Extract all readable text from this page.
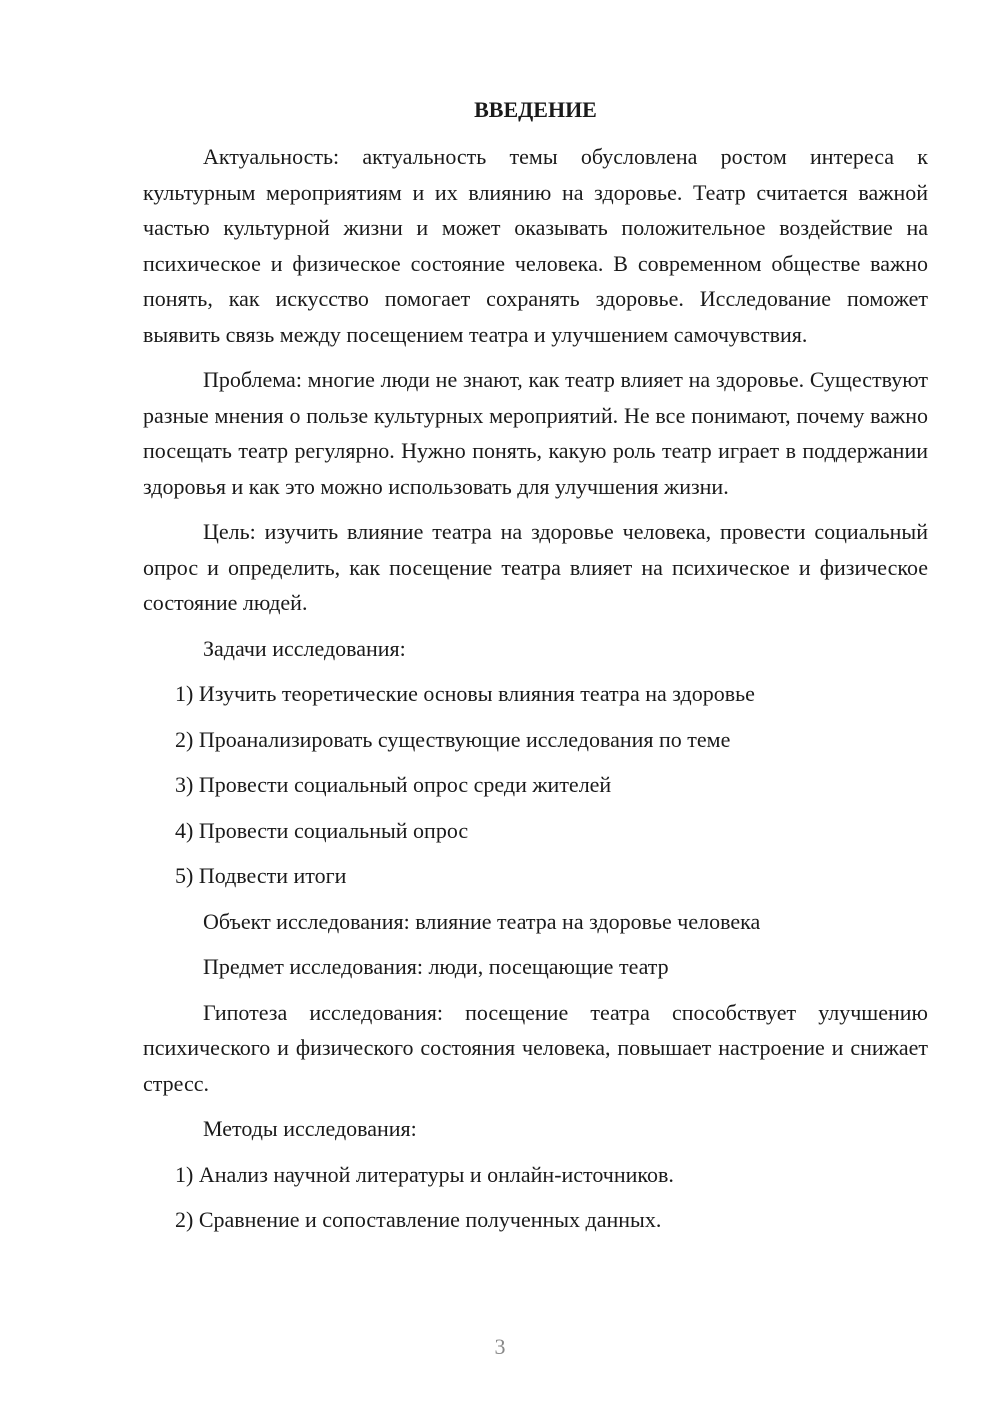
ВВЕДЕНИЕ

Актуальность: актуальность темы обусловлена ростом интереса к культурным мероприятиям и их влиянию на здоровье. Театр считается важной частью культурной жизни и может оказывать положительное воздействие на психическое и физическое состояние человека. В современном обществе важно понять, как искусство помогает сохранять здоровье. Исследование поможет выявить связь между посещением театра и улучшением самочувствия.

Проблема: многие люди не знают, как театр влияет на здоровье. Существуют разные мнения о пользе культурных мероприятий. Не все понимают, почему важно посещать театр регулярно. Нужно понять, какую роль театр играет в поддержании здоровья и как это можно использовать для улучшения жизни.

Цель: изучить влияние театра на здоровье человека, провести социальный опрос и определить, как посещение театра влияет на психическое и физическое состояние людей.

Задачи исследования:
1) Изучить теоретические основы влияния театра на здоровье
2) Проанализировать существующие исследования по теме
3) Провести социальный опрос среди жителей
4) Провести социальный опрос
5) Подвести итоги
Объект исследования: влияние театра на здоровье человека
Предмет исследования: люди, посещающие театр

Гипотеза исследования: посещение театра способствует улучшению психического и физического состояния человека, повышает настроение и снижает стресс.

Методы исследования:
1) Анализ научной литературы и онлайн-источников.
2) Сравнение и сопоставление полученных данных.
3
